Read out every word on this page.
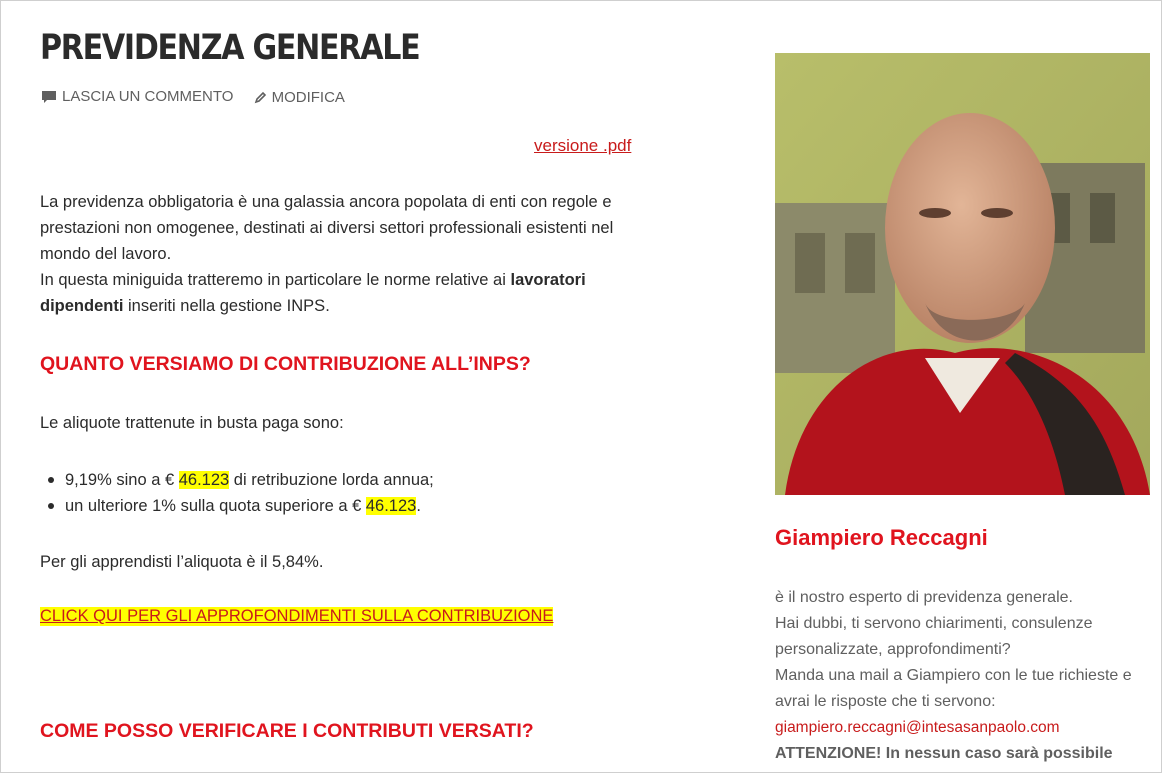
PREVIDENZA GENERALE
LASCIA UN COMMENTO
	MODIFICA
versione .pdf

La previdenza obbligatoria è una galassia ancora popolata di enti con regole e prestazioni non omogenee, destinati ai diversi settori professionali esistenti nel mondo del lavoro.
In questa miniguida tratteremo in particolare le norme relative ai lavoratori dipendenti inseriti nella gestione INPS.

QUANTO VERSIAMO DI CONTRIBUZIONE ALL’INPS?

Le aliquote trattenute in busta paga sono:

9,19% sino a € 46.123 di retribuzione lorda annua;
un ulteriore 1% sulla quota superiore a € 46.123.

Per gli apprendisti l’aliquota è il 5,84%.

CLICK QUI PER GLI APPROFONDIMENTI SULLA CONTRIBUZIONE
COME POSSO VERIFICARE I CONTRIBUTI VERSATI?
Giampiero Reccagni

è il nostro esperto di previdenza generale.
Hai dubbi, ti servono chiarimenti, consulenze personalizzate, approfondimenti?
Manda una mail a Giampiero con le tue richieste e avrai le risposte che ti servono:
giampiero.reccagni@intesasanpaolo.com
ATTENZIONE! In nessun caso sarà possibile
